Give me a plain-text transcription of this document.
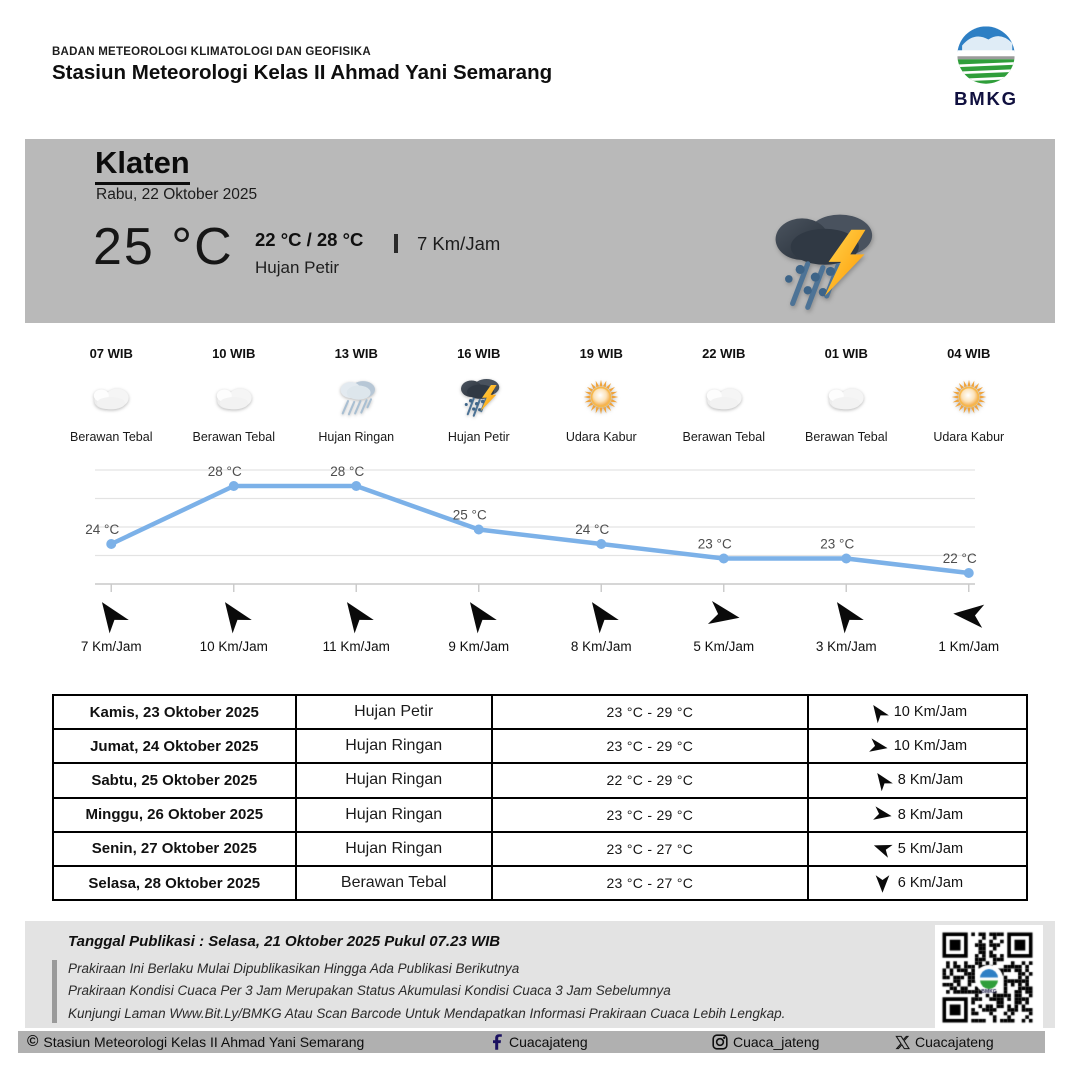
BADAN METEOROLOGI KLIMATOLOGI DAN GEOFISIKA
Stasiun Meteorologi Kelas II Ahmad Yani Semarang
BMKG
Klaten
Rabu, 22 Oktober 2025
25 °C 22 °C / 28 °C
Hujan Petir
7 Km/Jam
07 WIB
Berawan Tebal
10 WIB
Berawan Tebal
13 WIB
Hujan Ringan
16 WIB
Hujan Petir
19 WIB
Udara Kabur
22 WIB
Berawan Tebal
01 WIB
Berawan Tebal
04 WIB
Udara Kabur
24 °C
28 °C	28 °C
25 °C
24 °C
23 °C	23 °C
22 °C
7 Km/Jam	10 Km/Jam	11 Km/Jam	9 Km/Jam	8 Km/Jam	5 Km/Jam	3 Km/Jam	1 Km/Jam
Kamis, 23 Oktober 2025	Hujan Petir	23 °C - 29 °C	10 Km/Jam

Jumat, 24 Oktober 2025	Hujan Ringan	23 °C - 29 °C	10 Km/Jam

Sabtu, 25 Oktober 2025	Hujan Ringan	22 °C - 29 °C	8 Km/Jam

Minggu, 26 Oktober 2025	Hujan Ringan	23 °C - 29 °C	8 Km/Jam

Senin, 27 Oktober 2025	Hujan Ringan	23 °C - 27 °C	5 Km/Jam

Selasa, 28 Oktober 2025	Berawan Tebal	23 °C - 27 °C	6 Km/Jam
Tanggal Publikasi : Selasa, 21 Oktober 2025 Pukul 07.23 WIB
Prakiraan Ini Berlaku Mulai Dipublikasikan Hingga Ada Publikasi Berikutnya
Prakiraan Kondisi Cuaca Per 3 Jam Merupakan Status Akumulasi Kondisi Cuaca 3 Jam Sebelumnya
Kunjungi Laman Www.Bit.Ly/BMKG Atau Scan Barcode Untuk Mendapatkan Informasi Prakiraan Cuaca Lebih Lengkap.
© Stasiun Meteorologi Kelas II Ahmad Yani Semarang	Cuacajateng	Cuaca_jateng	Cuacajateng
